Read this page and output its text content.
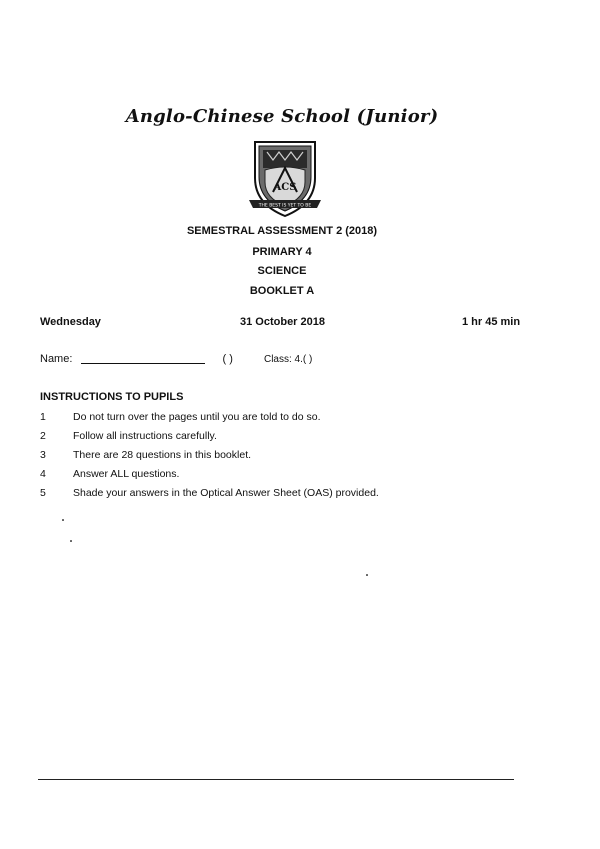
Anglo-Chinese School (Junior)
ACS
THE BEST IS YET TO BE
SEMESTRAL ASSESSMENT 2 (2018)
PRIMARY 4
SCIENCE
BOOKLET A
Wednesday	31 October 2018	1 hr 45 min
Name:	( )	Class: 4.( )
INSTRUCTIONS TO PUPILS
1	Do not turn over the pages until you are told to do so.
2	Follow all instructions carefully.
3	There are 28 questions in this booklet.
4	Answer ALL questions.
5	Shade your answers in the Optical Answer Sheet (OAS) provided.
